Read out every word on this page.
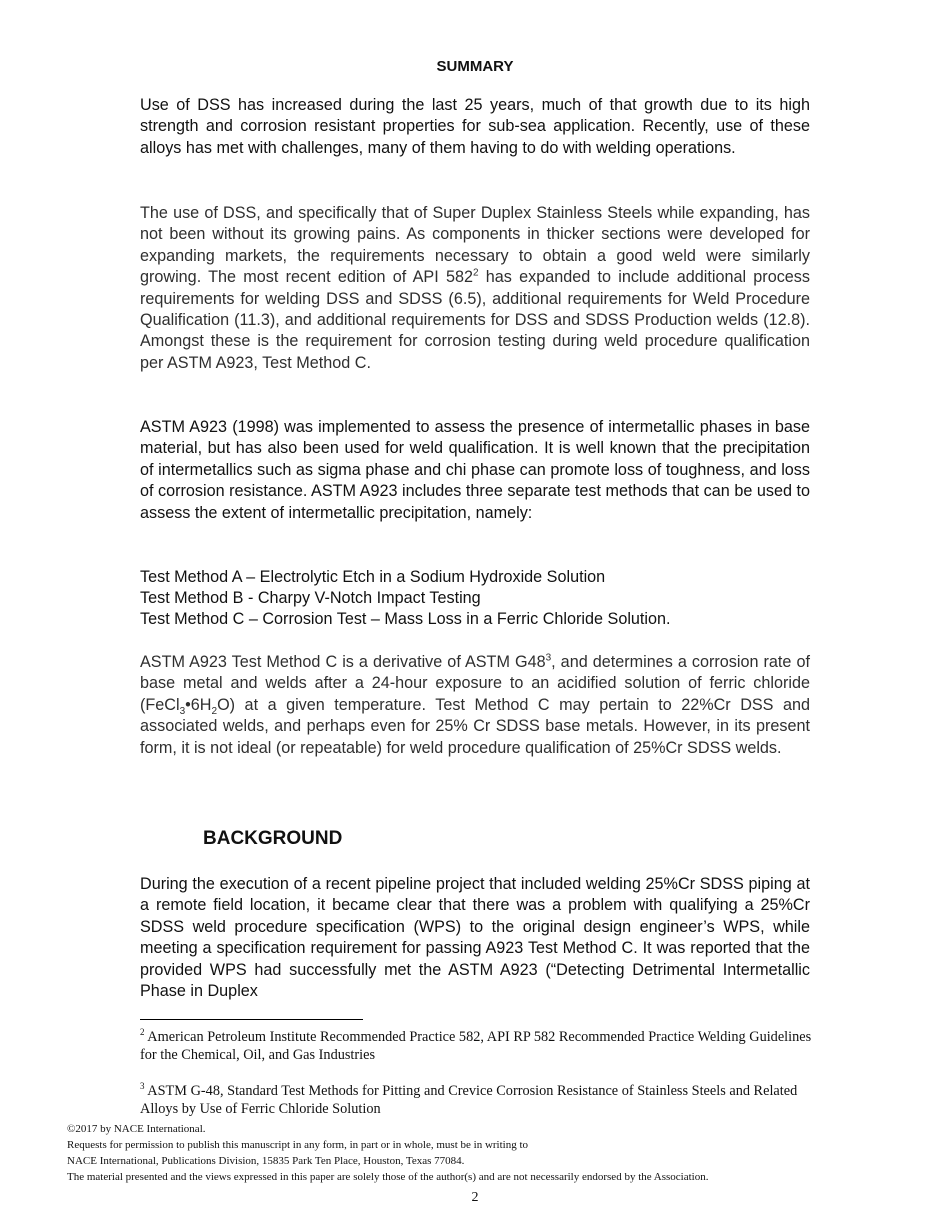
SUMMARY

Use of DSS has increased during the last 25 years, much of that growth due to its high strength and corrosion resistant properties for sub-sea application. Recently, use of these alloys has met with challenges, many of them having to do with welding operations.

The use of DSS, and specifically that of Super Duplex Stainless Steels while expanding, has not been without its growing pains. As components in thicker sections were developed for expanding markets, the requirements necessary to obtain a good weld were similarly growing. The most recent edition of API $582^2$ has expanded to include additional process requirements for welding DSS and SDSS (6.5), additional requirements for Weld Procedure Qualification (11.3), and additional requirements for DSS and SDSS Production welds (12.8). Amongst these is the requirement for corrosion testing during weld procedure qualification per ASTM A923, Test Method C.

ASTM A923 (1998) was implemented to assess the presence of intermetallic phases in base material, but has also been used for weld qualification. It is well known that the precipitation of intermetallics such as sigma phase and chi phase can promote loss of toughness, and loss of corrosion resistance. ASTM A923 includes three separate test methods that can be used to assess the extent of intermetallic precipitation, namely:

Test Method A – Electrolytic Etch in a Sodium Hydroxide Solution
Test Method B - Charpy V-Notch Impact Testing
Test Method C – Corrosion Test – Mass Loss in a Ferric Chloride Solution.

ASTM A923 Test Method C is a derivative of ASTM $G48^3$, and determines a corrosion rate of base metal and welds after a 24-hour exposure to an acidified solution of ferric chloride $(FeCl_3•6H_2O)$ at a given temperature. Test Method C may pertain to 22%Cr DSS and associated welds, and perhaps even for 25% Cr SDSS base metals. However, in its present form, it is not ideal (or repeatable) for weld procedure qualification of 25%Cr SDSS welds.

BACKGROUND

During the execution of a recent pipeline project that included welding 25%Cr SDSS piping at a remote field location, it became clear that there was a problem with qualifying a 25%Cr SDSS weld procedure specification (WPS) to the original design engineer’s WPS, while meeting a specification requirement for passing A923 Test Method C. It was reported that the provided WPS had successfully met the ASTM A923 (“Detecting Detrimental Intermetallic Phase in Duplex

$^2$ American Petroleum Institute Recommended Practice 582, API RP 582 Recommended Practice Welding Guidelines for the Chemical, Oil, and Gas Industries
$^3$ ASTM G-48, Standard Test Methods for Pitting and Crevice Corrosion Resistance of Stainless Steels and Related Alloys by Use of Ferric Chloride Solution
©2017 by NACE International.
Requests for permission to publish this manuscript in any form, in part or in whole, must be in writing to
NACE International, Publications Division, 15835 Park Ten Place, Houston, Texas 77084.
The material presented and the views expressed in this paper are solely those of the author(s) and are not necessarily endorsed by the Association.
2
